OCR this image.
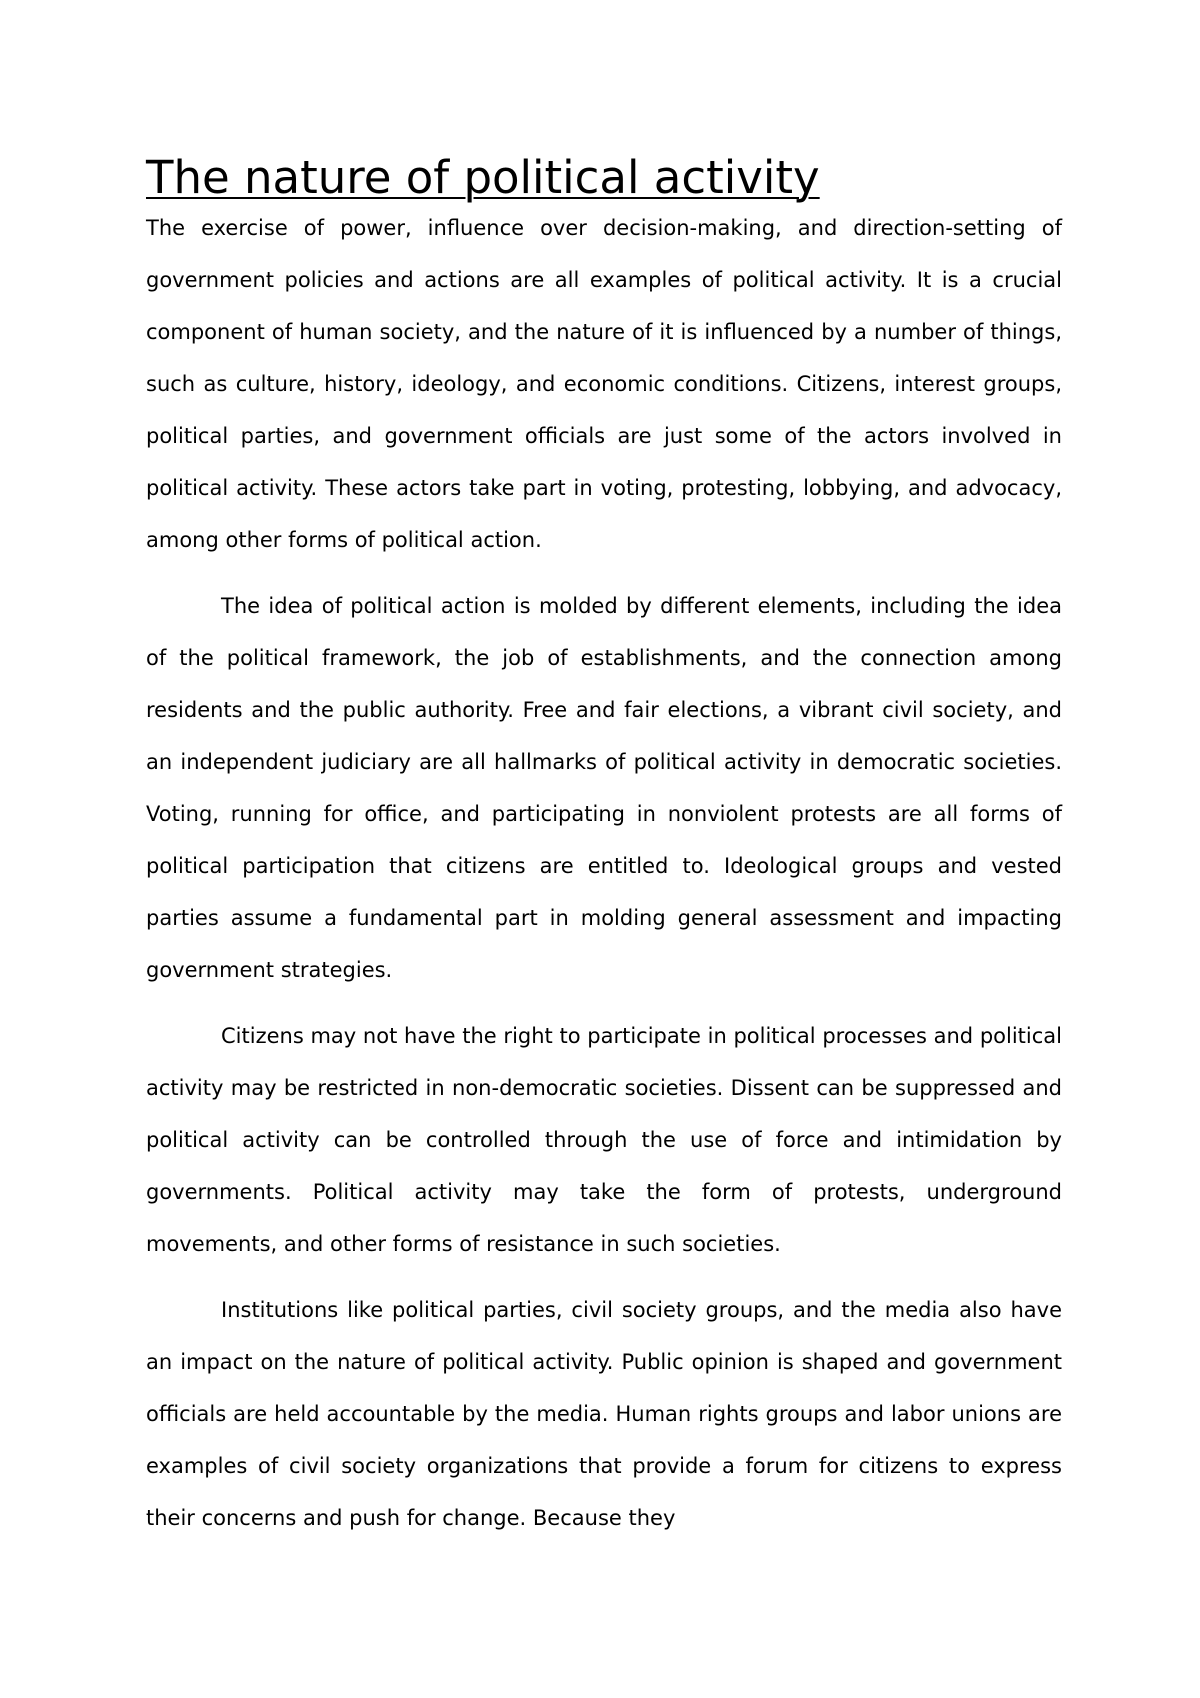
The nature of political activity

The exercise of power, influence over decision-making, and direction-setting of government policies and actions are all examples of political activity. It is a crucial component of human society, and the nature of it is influenced by a number of things, such as culture, history, ideology, and economic conditions. Citizens, interest groups, political parties, and government officials are just some of the actors involved in political activity. These actors take part in voting, protesting, lobbying, and advocacy, among other forms of political action.

The idea of political action is molded by different elements, including the idea of the political framework, the job of establishments, and the connection among residents and the public authority. Free and fair elections, a vibrant civil society, and an independent judiciary are all hallmarks of political activity in democratic societies. Voting, running for office, and participating in nonviolent protests are all forms of political participation that citizens are entitled to. Ideological groups and vested parties assume a fundamental part in molding general assessment and impacting government strategies.

Citizens may not have the right to participate in political processes and political activity may be restricted in non-democratic societies. Dissent can be suppressed and political activity can be controlled through the use of force and intimidation by governments. Political activity may take the form of protests, underground movements, and other forms of resistance in such societies.

Institutions like political parties, civil society groups, and the media also have an impact on the nature of political activity. Public opinion is shaped and government officials are held accountable by the media. Human rights groups and labor unions are examples of civil society organizations that provide a forum for citizens to express their concerns and push for change. Because they
